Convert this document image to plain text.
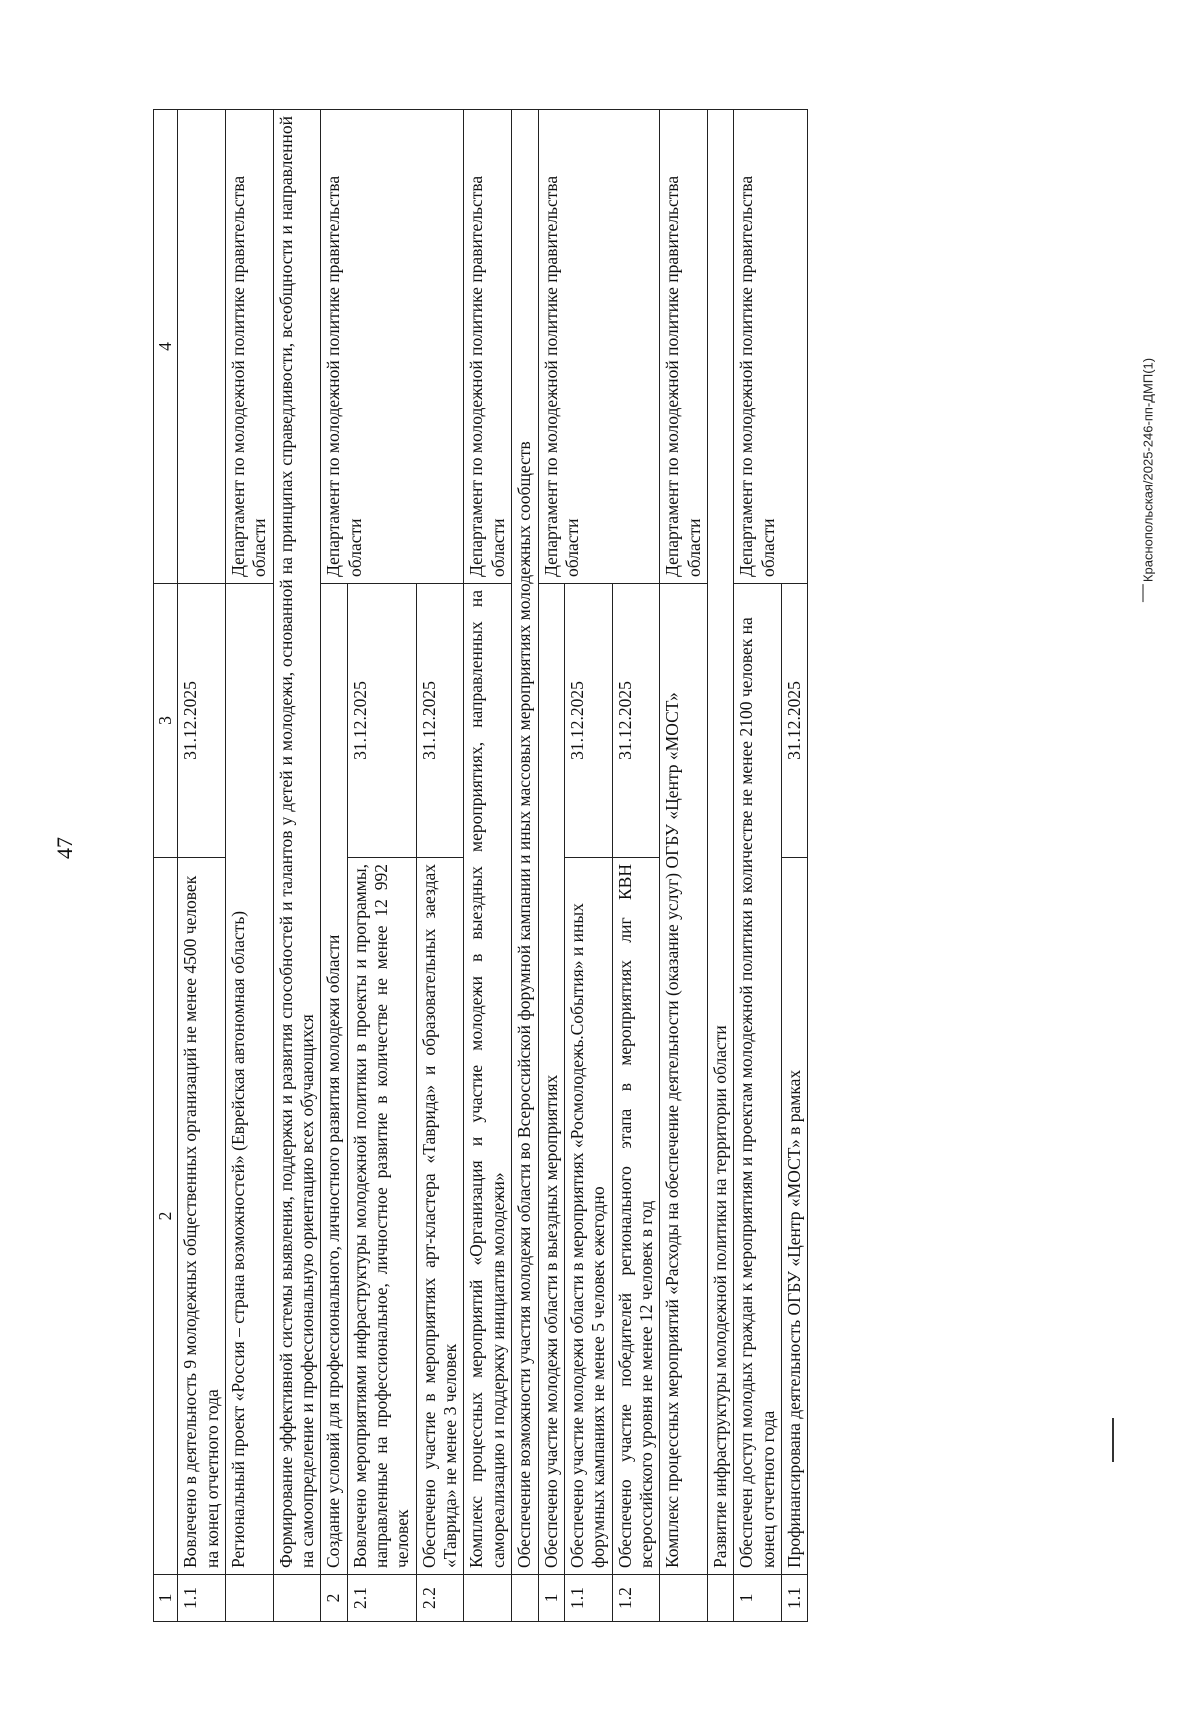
47
Краснопольская/2025-246-пп-ДМП(1)
1	2	3	4
1.1	Вовлечено в деятельность 9 молодежных общественных организаций не менее 4500 человек на конец отчетного года	31.12.2025	
	Региональный проект «Россия – страна возможностей» (Еврейская автономная область)		Департамент по молодежной политике правительства области
	Формирование эффективной системы выявления, поддержки и развития способностей и талантов у детей и молодежи, основанной на принципах справедливости, всеобщности и направленной на самоопределение и профессиональную ориентацию всех обучающихся		
2	Создание условий для профессионального, личностного развития молодежи области		Департамент по молодежной политике правительства области
2.1	Вовлечено мероприятиями инфраструктуры молодежной политики в проекты и программы, направленные на профессиональное, личностное развитие в количестве не менее 12 992 человек	31.12.2025	
2.2	Обеспечено участие в мероприятиях арт-кластера «Таврида» и образовательных заездах «Таврида» не менее 3 человек	31.12.2025	
	Комплекс процессных мероприятий «Организация и участие молодежи в выездных мероприятиях, направленных на самореализацию и поддержку инициатив молодежи»		Департамент по молодежной политике правительства области
	Обеспечение возможности участия молодежи области во Всероссийской форумной кампании и иных массовых мероприятиях молодежных сообществ		
1	Обеспечено участие молодежи области в выездных мероприятиях		Департамент по молодежной политике правительства области
1.1	Обеспечено участие молодежи области в мероприятиях «Росмолодежь.События» и иных форумных кампаниях не менее 5 человек ежегодно	31.12.2025	
1.2	Обеспечено участие победителей регионального этапа в мероприятиях лиг КВН всероссийского уровня не менее 12 человек в год	31.12.2025	
	Комплекс процессных мероприятий «Расходы на обеспечение деятельности (оказание услуг) ОГБУ «Центр «МОСТ»		Департамент по молодежной политике правительства области
	Развитие инфраструктуры молодежной политики на территории области		
1	Обеспечен доступ молодых граждан к мероприятиям и проектам молодежной политики в количестве не менее 2100 человек на конец отчетного года		Департамент по молодежной политике правительства области
1.1	Профинансирована деятельность ОГБУ «Центр «МОСТ» в рамках	31.12.2025	
